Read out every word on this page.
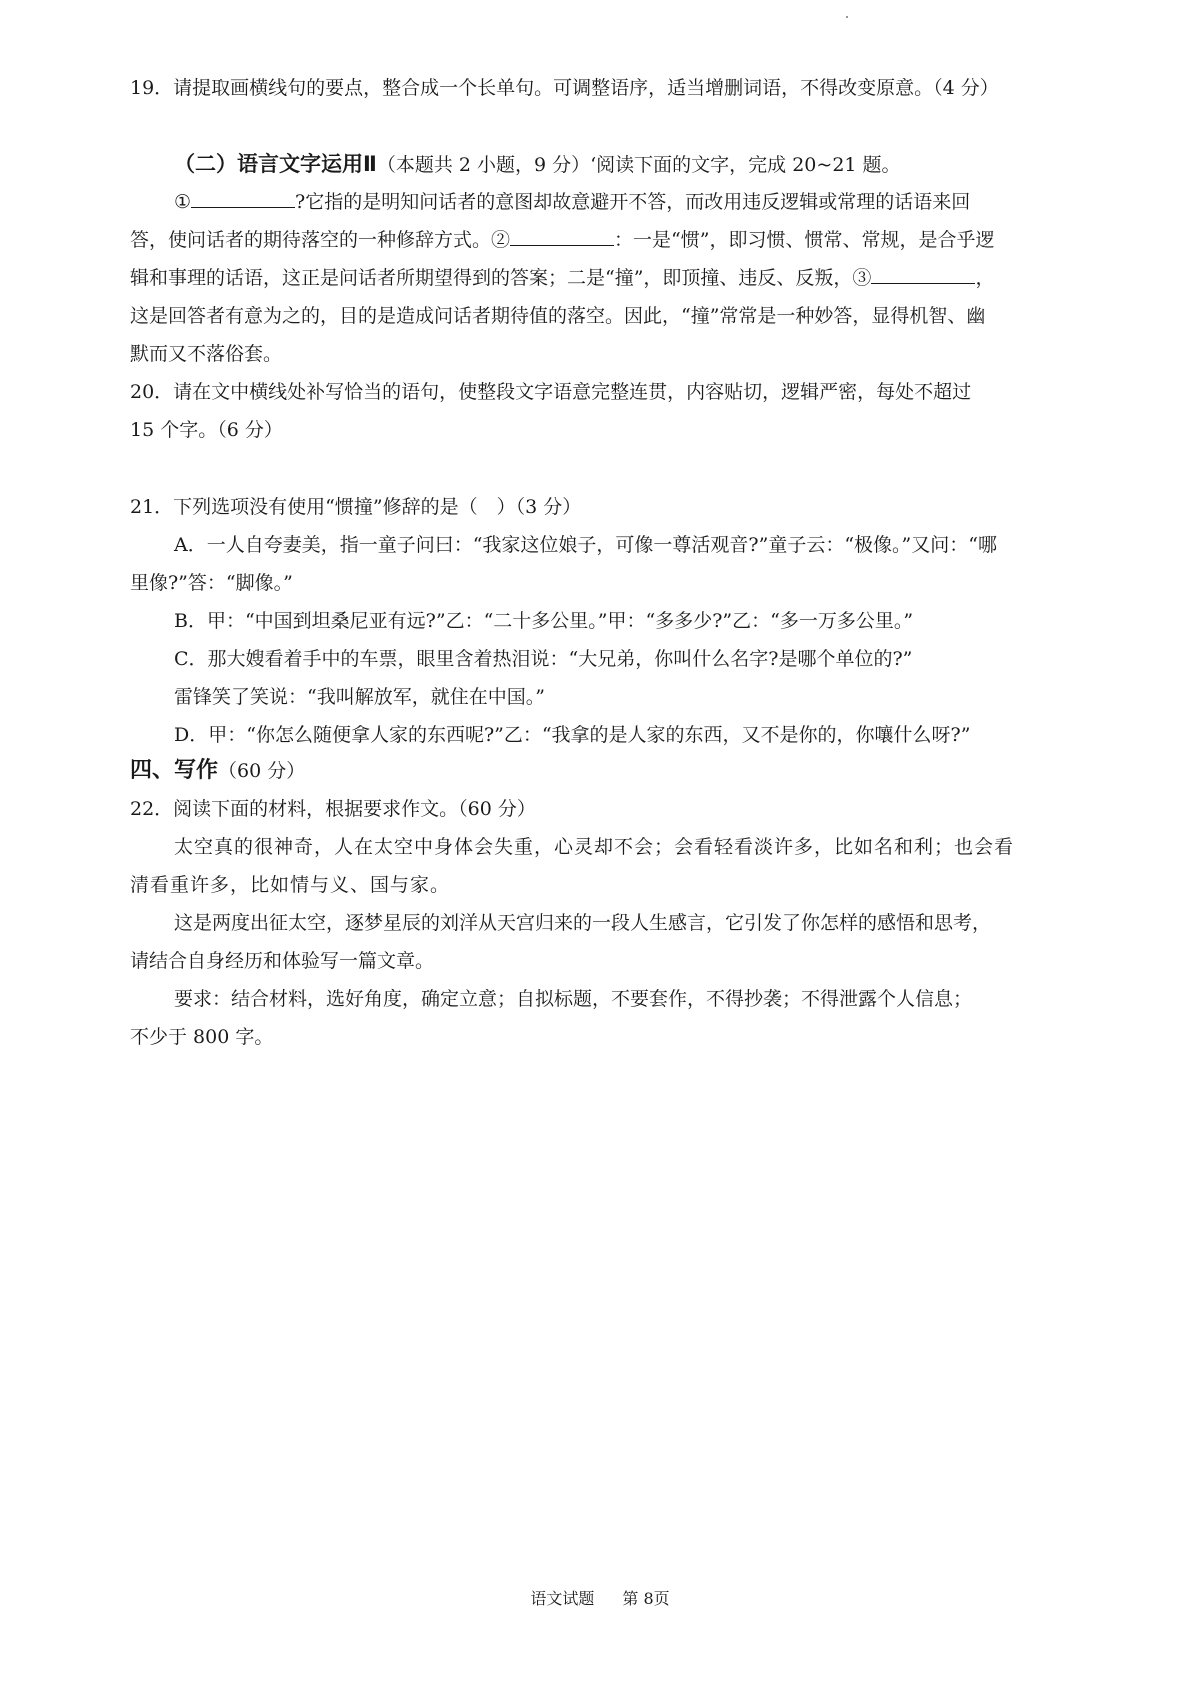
19．请提取画横线句的要点，整合成一个长单句。可调整语序，适当增删词语，不得改变原意。（4 分）
（二）语言文字运用Ⅱ（本题共 2 小题，9 分）‘阅读下面的文字，完成 20~21 题。
①	?它指的是明知问话者的意图却故意避开不答，而改用违反逻辑或常理的话语来回
答，使问话者的期待落空的一种修辞方式。②	：一是“惯”，即习惯、惯常、常规，是合乎逻
辑和事理的话语，这正是问话者所期望得到的答案；二是“撞”，即顶撞、违反、反叛，③	，
这是回答者有意为之的，目的是造成问话者期待值的落空。因此，“撞”常常是一种妙答，显得机智、幽
默而又不落俗套。
20．请在文中横线处补写恰当的语句，使整段文字语意完整连贯，内容贴切，逻辑严密，每处不超过
15 个字。（6 分）
21．下列选项没有使用“惯撞”修辞的是（　）（3 分）
A．一人自夸妻美，指一童子问曰：“我家这位娘子，可像一尊活观音?”童子云：“极像。”又问：“哪
里像?”答：“脚像。”
B．甲：“中国到坦桑尼亚有远?”乙：“二十多公里。”甲：“多多少?”乙：“多一万多公里。”
C．那大嫂看着手中的车票，眼里含着热泪说：“大兄弟，你叫什么名字?是哪个单位的?”
雷锋笑了笑说：“我叫解放军，就住在中国。”
D．甲：“你怎么随便拿人家的东西呢?”乙：“我拿的是人家的东西，又不是你的，你嚷什么呀?”
四、写作（60 分）
22．阅读下面的材料，根据要求作文。（60 分）
太空真的很神奇，人在太空中身体会失重，心灵却不会；会看轻看淡许多，比如名和利；也会看
清看重许多，比如情与义、国与家。
这是两度出征太空，逐梦星辰的刘洋从天宫归来的一段人生感言，它引发了你怎样的感悟和思考，
请结合自身经历和体验写一篇文章。
要求：结合材料，选好角度，确定立意；自拟标题，不要套作，不得抄袭；不得泄露个人信息；
不少于 800 字。
语文试题 第 8页
